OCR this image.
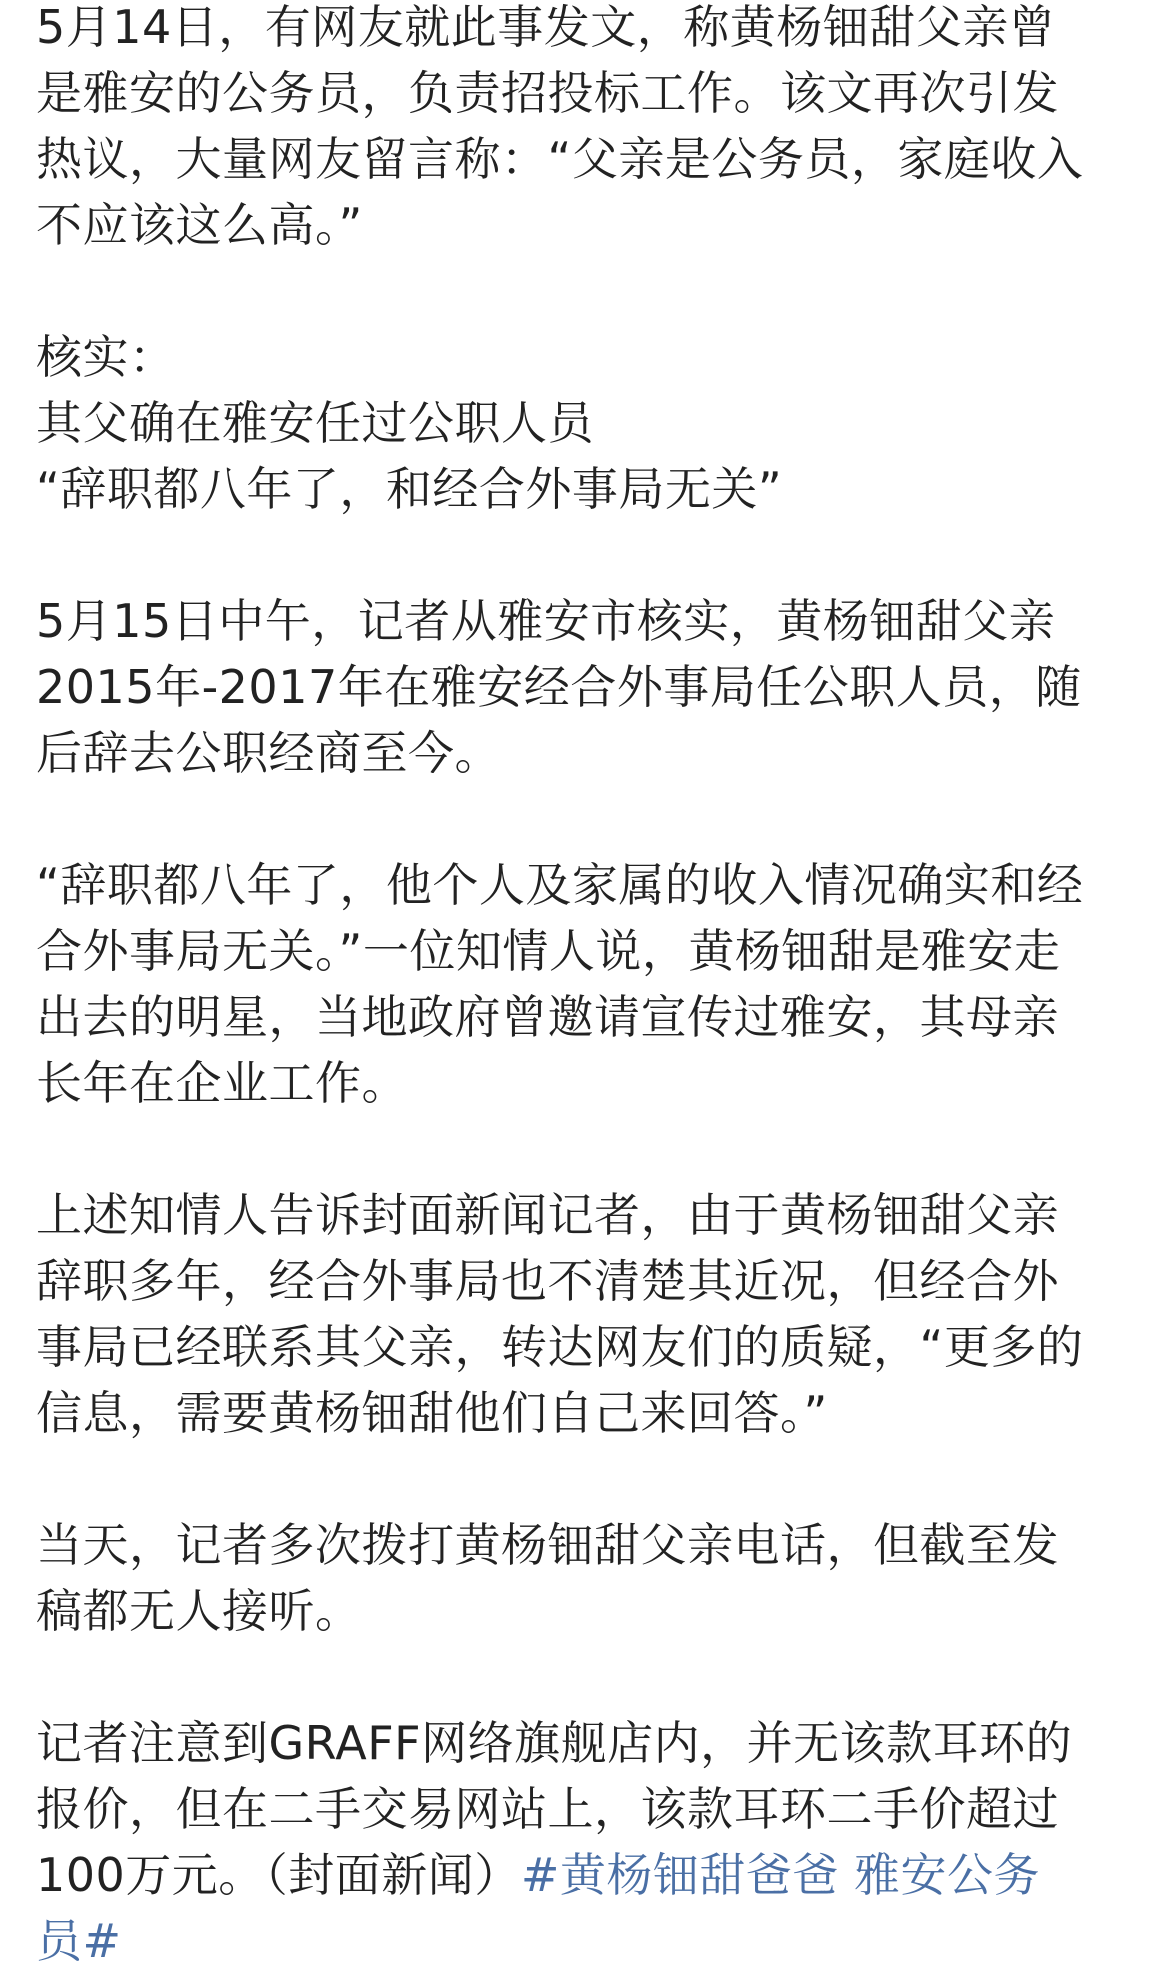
5月14日，有网友就此事发文，称黄杨钿甜父亲曾
是雅安的公务员，负责招投标工作。该文再次引发
热议，大量网友留言称：“父亲是公务员，家庭收入
不应该这么高。”

核实：
其父确在雅安任过公职人员
“辞职都八年了，和经合外事局无关”

5月15日中午，记者从雅安市核实，黄杨钿甜父亲
2015年-2017年在雅安经合外事局任公职人员，随
后辞去公职经商至今。

“辞职都八年了，他个人及家属的收入情况确实和经
合外事局无关。”一位知情人说，黄杨钿甜是雅安走
出去的明星，当地政府曾邀请宣传过雅安，其母亲
长年在企业工作。

上述知情人告诉封面新闻记者，由于黄杨钿甜父亲
辞职多年，经合外事局也不清楚其近况，但经合外
事局已经联系其父亲，转达网友们的质疑，“更多的
信息，需要黄杨钿甜他们自己来回答。”

当天，记者多次拨打黄杨钿甜父亲电话，但截至发
稿都无人接听。

记者注意到GRAFF网络旗舰店内，并无该款耳环的
报价，但在二手交易网站上，该款耳环二手价超过
100万元。（封面新闻）#黄杨钿甜爸爸 雅安公务
员#
